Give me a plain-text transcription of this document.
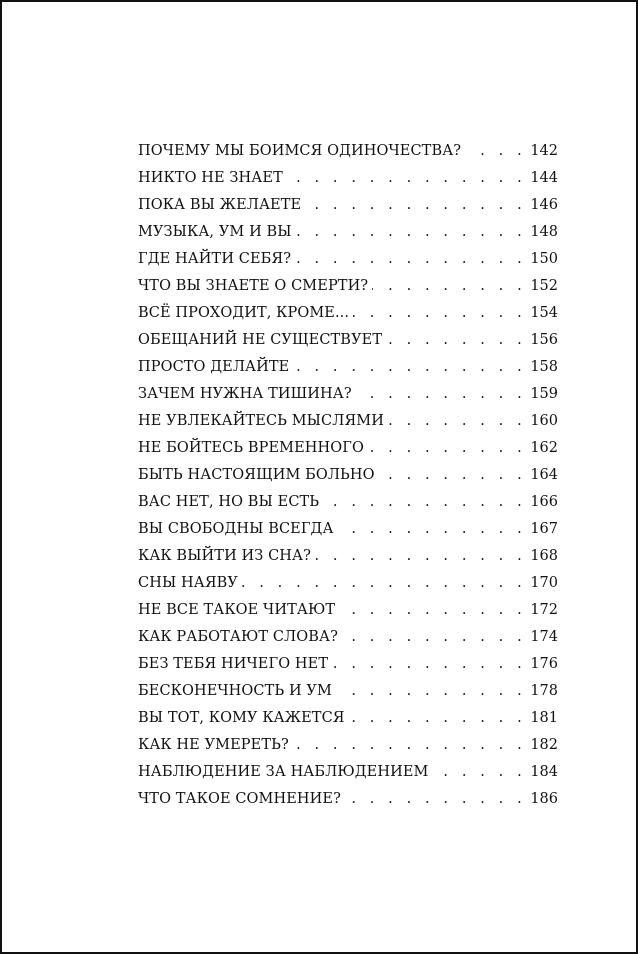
ПОЧЕМУ МЫ БОИМСЯ ОДИНОЧЕСТВА? . . .	142
НИКТО НЕ ЗНАЕТ . . .	144
ПОКА ВЫ ЖЕЛАЕТЕ . . .	146
МУЗЫКА, УМ И ВЫ . . .	148
ГДЕ НАЙТИ СЕБЯ? . . .	150
ЧТО ВЫ ЗНАЕТЕ О СМЕРТИ? . . .	152
ВСЁ ПРОХОДИТ, КРОМЕ... . . .	154
ОБЕЩАНИЙ НЕ СУЩЕСТВУЕТ . . .	156
ПРОСТО ДЕЛАЙТЕ . . .	158
ЗАЧЕМ НУЖНА ТИШИНА? . . .	159
НЕ УВЛЕКАЙТЕСЬ МЫСЛЯМИ . . .	160
НЕ БОЙТЕСЬ ВРЕМЕННОГО . . .	162
БЫТЬ НАСТОЯЩИМ БОЛЬНО . . .	164
ВАС НЕТ, НО ВЫ ЕСТЬ . . .	166
ВЫ СВОБОДНЫ ВСЕГДА . . .	167
КАК ВЫЙТИ ИЗ СНА? . . .	168
СНЫ НАЯВУ . . .	170
НЕ ВСЕ ТАКОЕ ЧИТАЮТ . . .	172
КАК РАБОТАЮТ СЛОВА? . . .	174
БЕЗ ТЕБЯ НИЧЕГО НЕТ . . .	176
БЕСКОНЕЧНОСТЬ И УМ . . .	178
ВЫ ТОТ, КОМУ КАЖЕТСЯ . . .	181
КАК НЕ УМЕРЕТЬ? . . .	182
НАБЛЮДЕНИЕ ЗА НАБЛЮДЕНИЕМ . . .	184
ЧТО ТАКОЕ СОМНЕНИЕ? . . .	186
